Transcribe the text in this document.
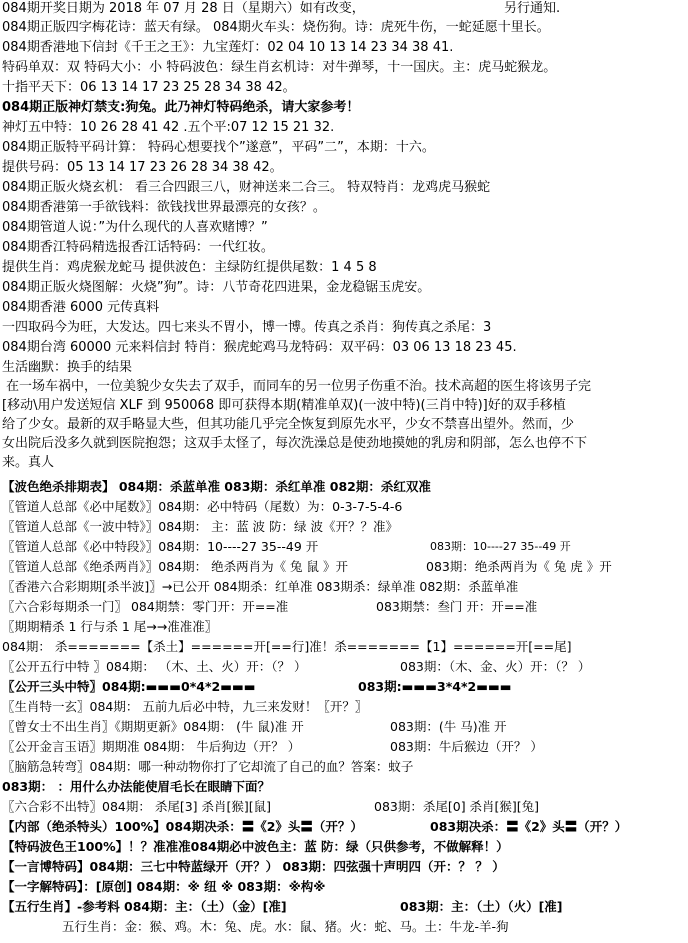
084期开奖日期为 2018 年 07 月 28 日（星期六）如有改变，	另行通知.
084期正版四字梅花诗：蓝天有绿。 084期火车头：烧伤狗。诗：虎死牛伤，一蛇延愿十里长。
084期香港地下信封《千王之王》：九宝莲灯：02 04 10 13 14 23 34 38 41.
特码单双：双 特码大小：小 特码波色：绿生肖玄机诗：对牛弹琴，十一国庆。主：虎马蛇猴龙。
十指平天下：06 13 14 17 23 25 28 34 38 42。
084期正版神灯禁支:狗兔。此乃神灯特码绝杀，请大家参考！
神灯五中特：10 26 28 41 42 .五个平:07 12 15 21 32.
084期正版特平码计算： 特码心想要找个”遂意”，平码”二”，本期：十六。
提供号码：05 13 14 17 23 26 28 34 38 42。
084期正版火烧玄机： 看三合四跟三八，财神送来二合三。 特双特肖：龙鸡虎马猴蛇
084期香港第一手欲钱料：欲钱找世界最漂亮的女孩？。
084期管道人说：”为什么现代的人喜欢赌博？”
084期香江特码精选报香江话特码：一代红妆。
提供生肖：鸡虎猴龙蛇马 提供波色：主绿防红提供尾数：1 4 5 8
084期正版火烧图解：火烧”狗”。诗：八节奇花四进果，金龙稳锯玉虎安。
084期香港 6000 元传真料
一四取码今为旺，大发达。四七来头不胃小，博一博。传真之杀肖：狗传真之杀尾：3
084期台湾 60000 元来料信封 特肖：猴虎蛇鸡马龙特码：双平码：03 06 13 18 23 45.
生活幽默：换手的结果
在一场车祸中，一位美貌少女失去了双手，而同车的另一位男子伤重不治。技术高超的医生将该男子完
[移动\用户发送短信 XLF 到 950068 即可获得本期(精准单双)(一波中特)(三肖中特)]好的双手移植
给了少女。最新的双手略显大些，但其功能几乎完全恢复到原先水平，少女不禁喜出望外。然而，少
女出院后没多久就到医院抱怨；这双手太怪了，每次洗澡总是使劲地摸她的乳房和阴部，怎么也停不下
来。真人
【波色绝杀排期表】 084期：杀蓝单准 083期：杀红单准 082期：杀红双准
〖管道人总部《必中尾数》〗084期：必中特码（尾数）为：0-3-7-5-4-6
〖管道人总部《一波中特》〗084期： 主：蓝 波 防：绿 波《开？？准》
〖管道人总部《必中特段》〗084期：10----27 35--49 开	083期：10----27 35--49 开
〖管道人总部《绝杀两肖》〗084期： 绝杀两肖为《 兔 鼠 》开	083期：绝杀两肖为《 兔 虎 》开
〖香港六合彩期期[杀半波]〗→已公开 084期杀：红单准 083期杀：绿单准 082期：杀蓝单准
〖六合彩每期杀一门〗 084期禁：零门开：开==准	083期禁：叁门 开：开==准
〖期期精杀 1 行与杀 1 尾→→准准准〗
084期： 杀=======【杀土】======开[==行]准！杀=======【1】======开[==尾]
〖公开五行中特 〗084期： （木、土、火）开：（？ ）	083期：（木、金、火）开：（？ ）
〖公开三头中特〗084期:▬▬▬0*4*2▬▬▬	083期:▬▬▬3*4*2▬▬▬
〖生肖特一玄〗084期： 五前九后必中特，九三来发财！〖开？〗
〖曾女士不出生肖〗《期期更新》084期： (牛 鼠)准 开	083期：(牛 马)准 开
〖公开金言玉语〗期期准 084期： 牛后狗边（开？ ）	083期：牛后猴边（开？ ）
〖脑筋急转弯〗084期：哪一种动物你打了它却流了自己的血？答案：蚊子
083期： ：用什么办法能使眉毛长在眼睛下面？
〖六合彩不出特〗084期： 杀尾[3] 杀肖[猴][鼠]	083期：杀尾[0] 杀肖[猴][兔]
【内部（绝杀特头）100%】084期决杀：〓《2》头〓（开？）	083期决杀：〓《2》头〓（开？）
【特码波色王100%】！？准准准084期必中波色主：蓝 防：绿（只供参考，不做解释！）
【一言博特码】084期：三七中特蓝绿开（开？） 083期：四弦强十声明四（开：？ ？ ）
【一字解特码】：[原创] 084期：※ 纽 ※ 083期：※构※
【五行生肖】-参考料 084期：主：（土）（金）[准]	083期：主：（土）（火）[准]
五行生肖：金：猴、鸡。木：兔、虎。水：鼠、猪。火：蛇、马。土：牛龙-羊-狗
